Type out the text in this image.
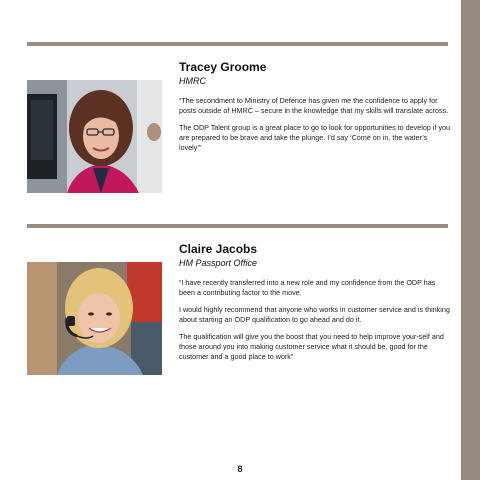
Tracey Groome

HMRC

“The secondment to Ministry of Defence has given me the confidence to apply for posts outside of HMRC – secure in the knowledge that my skills will translate across.

The ODP Talent group is a great place to go to look for opportunities to develop if you are prepared to be brave and take the plunge. I’d say ‘Come on in, the water’s lovely’”

Claire Jacobs

HM Passport Office

“I have recently transferred into a new role and my confidence from the ODP has been a contributing factor to the move.

I would highly recommend that anyone who works in customer service and is thinking about starting an ODP qualification to go ahead and do it.

The qualification will give you the boost that you need to help improve your-self and those around you into making customer service what it should be, good for the customer and a good place to work”

8
